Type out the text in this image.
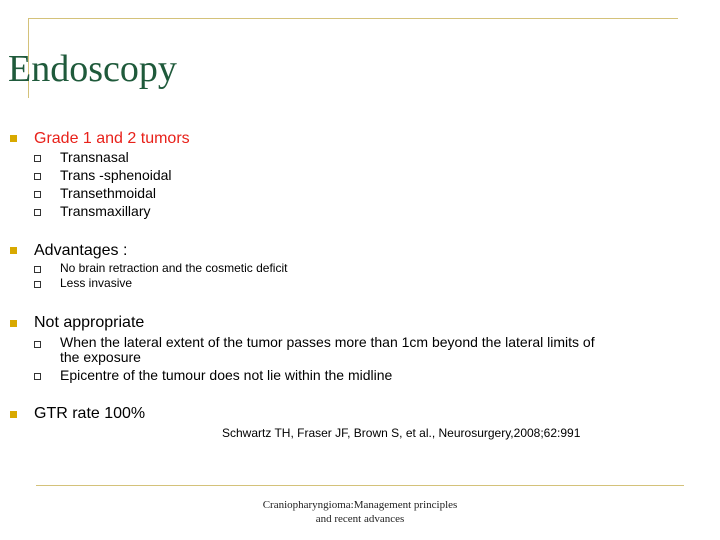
Endoscopy
Grade 1 and 2 tumors
Transnasal
Trans -sphenoidal
Transethmoidal
Transmaxillary
Advantages :
No brain retraction and the cosmetic deficit
Less invasive
Not appropriate
When the lateral extent of the tumor passes more than 1cm beyond the lateral limits of
the exposure
Epicentre of the tumour does not lie within the midline
GTR rate 100%
Schwartz TH, Fraser JF, Brown S, et al., Neurosurgery,2008;62:991
Craniopharyngioma:Management principles
and recent advances
